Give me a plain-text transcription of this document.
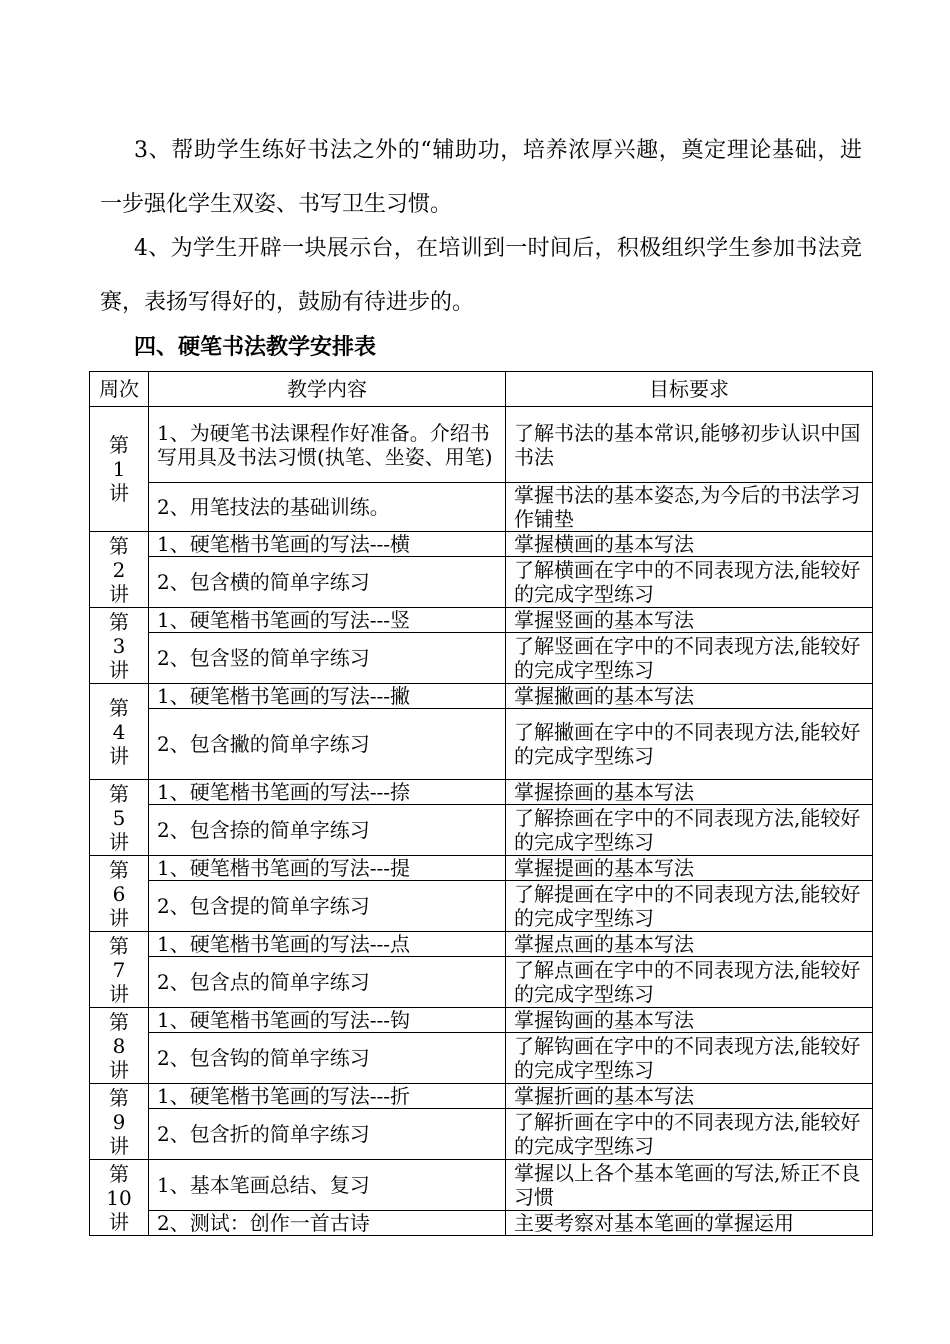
3、帮助学生练好书法之外的“辅助功，培养浓厚兴趣，奠定理论基础，进一步强化学生双姿、书写卫生习惯。

4、为学生开辟一块展示台，在培训到一时间后，积极组织学生参加书法竞赛，表扬写得好的，鼓励有待进步的。

四、硬笔书法教学安排表
周次	教学内容	目标要求

第
1
讲	1、为硬笔书法课程作好准备。介绍书写用具及书法习惯(执笔、坐姿、用笔)	了解书法的基本常识,能够初步认识中国书法
	2、用笔技法的基础训练。	掌握书法的基本姿态,为今后的书法学习作铺垫

第
2
讲	1、硬笔楷书笔画的写法---横	掌握横画的基本写法
	2、包含横的简单字练习	了解横画在字中的不同表现方法,能较好的完成字型练习

第
3
讲	1、硬笔楷书笔画的写法---竖	掌握竖画的基本写法
	2、包含竖的简单字练习	了解竖画在字中的不同表现方法,能较好的完成字型练习

第
4
讲	1、硬笔楷书笔画的写法---撇	掌握撇画的基本写法
	2、包含撇的简单字练习	了解撇画在字中的不同表现方法,能较好的完成字型练习

第
5
讲	1、硬笔楷书笔画的写法---捺	掌握捺画的基本写法
	2、包含捺的简单字练习	了解捺画在字中的不同表现方法,能较好的完成字型练习

第
6
讲	1、硬笔楷书笔画的写法---提	掌握提画的基本写法
	2、包含提的简单字练习	了解提画在字中的不同表现方法,能较好的完成字型练习

第
7
讲	1、硬笔楷书笔画的写法---点	掌握点画的基本写法
	2、包含点的简单字练习	了解点画在字中的不同表现方法,能较好的完成字型练习

第
8
讲	1、硬笔楷书笔画的写法---钩	掌握钩画的基本写法
	2、包含钩的简单字练习	了解钩画在字中的不同表现方法,能较好的完成字型练习

第
9
讲	1、硬笔楷书笔画的写法---折	掌握折画的基本写法
	2、包含折的简单字练习	了解折画在字中的不同表现方法,能较好的完成字型练习

第
10
讲	1、基本笔画总结、复习	掌握以上各个基本笔画的写法,矫正不良习惯
	2、测试：创作一首古诗	主要考察对基本笔画的掌握运用
